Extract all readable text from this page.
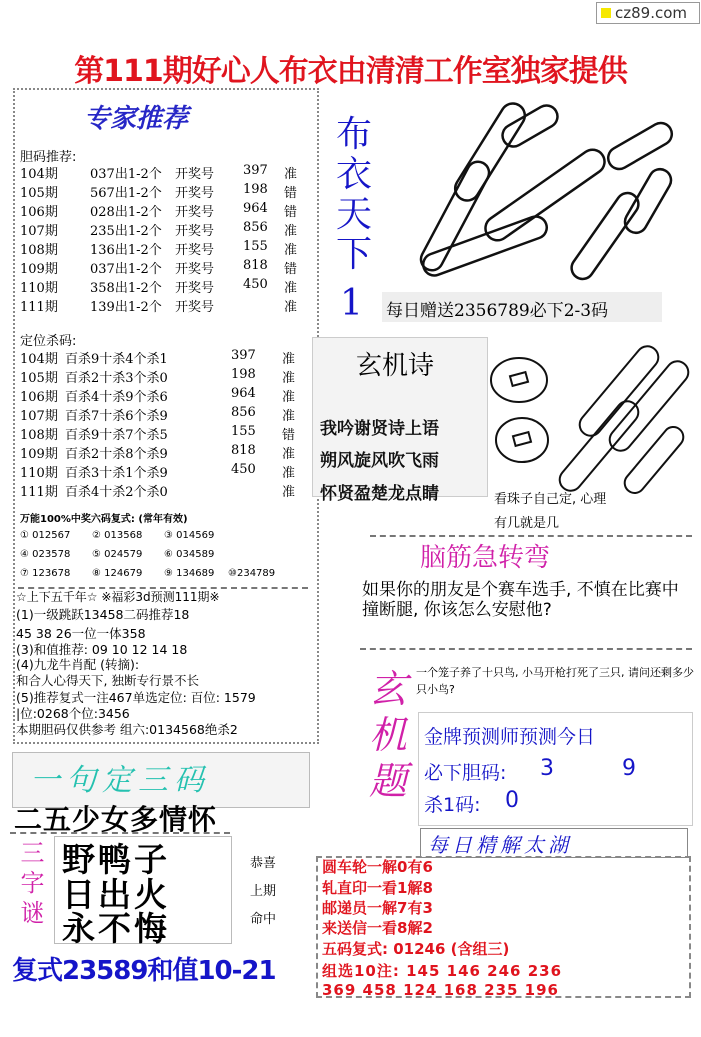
cz89.com
第111期好心人布衣由清清工作室独家提供
专家推荐
胆码推荐:
104期 037出1-2个 开奖号 397 准
105期 567出1-2个 开奖号 198 错
106期 028出1-2个 开奖号 964 错
107期 235出1-2个 开奖号 856 准
108期 136出1-2个 开奖号 155 准
109期 037出1-2个 开奖号 818 错
110期 358出1-2个 开奖号 450 准
111期 139出1-2个 开奖号	准
定位杀码:
104期 百杀9十杀4个杀1	397 准
105期 百杀2十杀3个杀0	198 准
106期 百杀4十杀9个杀6	964 准
107期 百杀7十杀6个杀9	856 准
108期 百杀9十杀7个杀5	155 错
109期 百杀2十杀8个杀9	818 准
110期 百杀3十杀1个杀9	450 准
111期 百杀4十杀2个杀0	准
万能100%中奖六码复式: (常年有效)
① 012567 ② 013568 ③ 014569
④ 023578 ⑤ 024579 ⑥ 034589
⑦ 123678 ⑧ 124679 ⑨ 134689 ⑩234789
☆上下五千年☆ ※福彩3d预测111期※
(1)一级跳跃13458二码推荐18
45 38 26一位一体358
(3)和值推荐: 09 10 12 14 18
(4)九龙牛肖配 (转摘):
和合人心得天下, 独断专行景不长
(5)推荐复式一注467单选定位: 百位: 1579
|位:0268个位:3456
本期胆码仅供参考 组六:0134568绝杀2
一句定三码
二五少女多情怀
三字谜
野鸭子
日出火
永不悔
恭喜
上期
命中
复式23589和值10-21
布衣天下
1 每日赠送2356789必下2-3码
玄机诗
我吟谢贤诗上语
朔风旋风吹飞雨
怀贤盈楚龙点睛	看珠子自己定, 心理
有几就是几
脑筋急转弯
如果你的朋友是个赛车选手, 不慎在比赛中撞断腿, 你该怎么安慰他?
玄机题
一个笼子养了十只鸟, 小马开枪打死了三只, 请问还剩多少只小鸟?
金牌预测师预测今日
必下胆码: 3	9
杀1码: 0
每日精解太湖
圆车轮一解0有6
轧直印一看1解8
邮递员一解7有3
来送信一看8解2
五码复式: 01246 (含组三)
组选10注: 145 146 246 236
369 458 124 168 235 196
